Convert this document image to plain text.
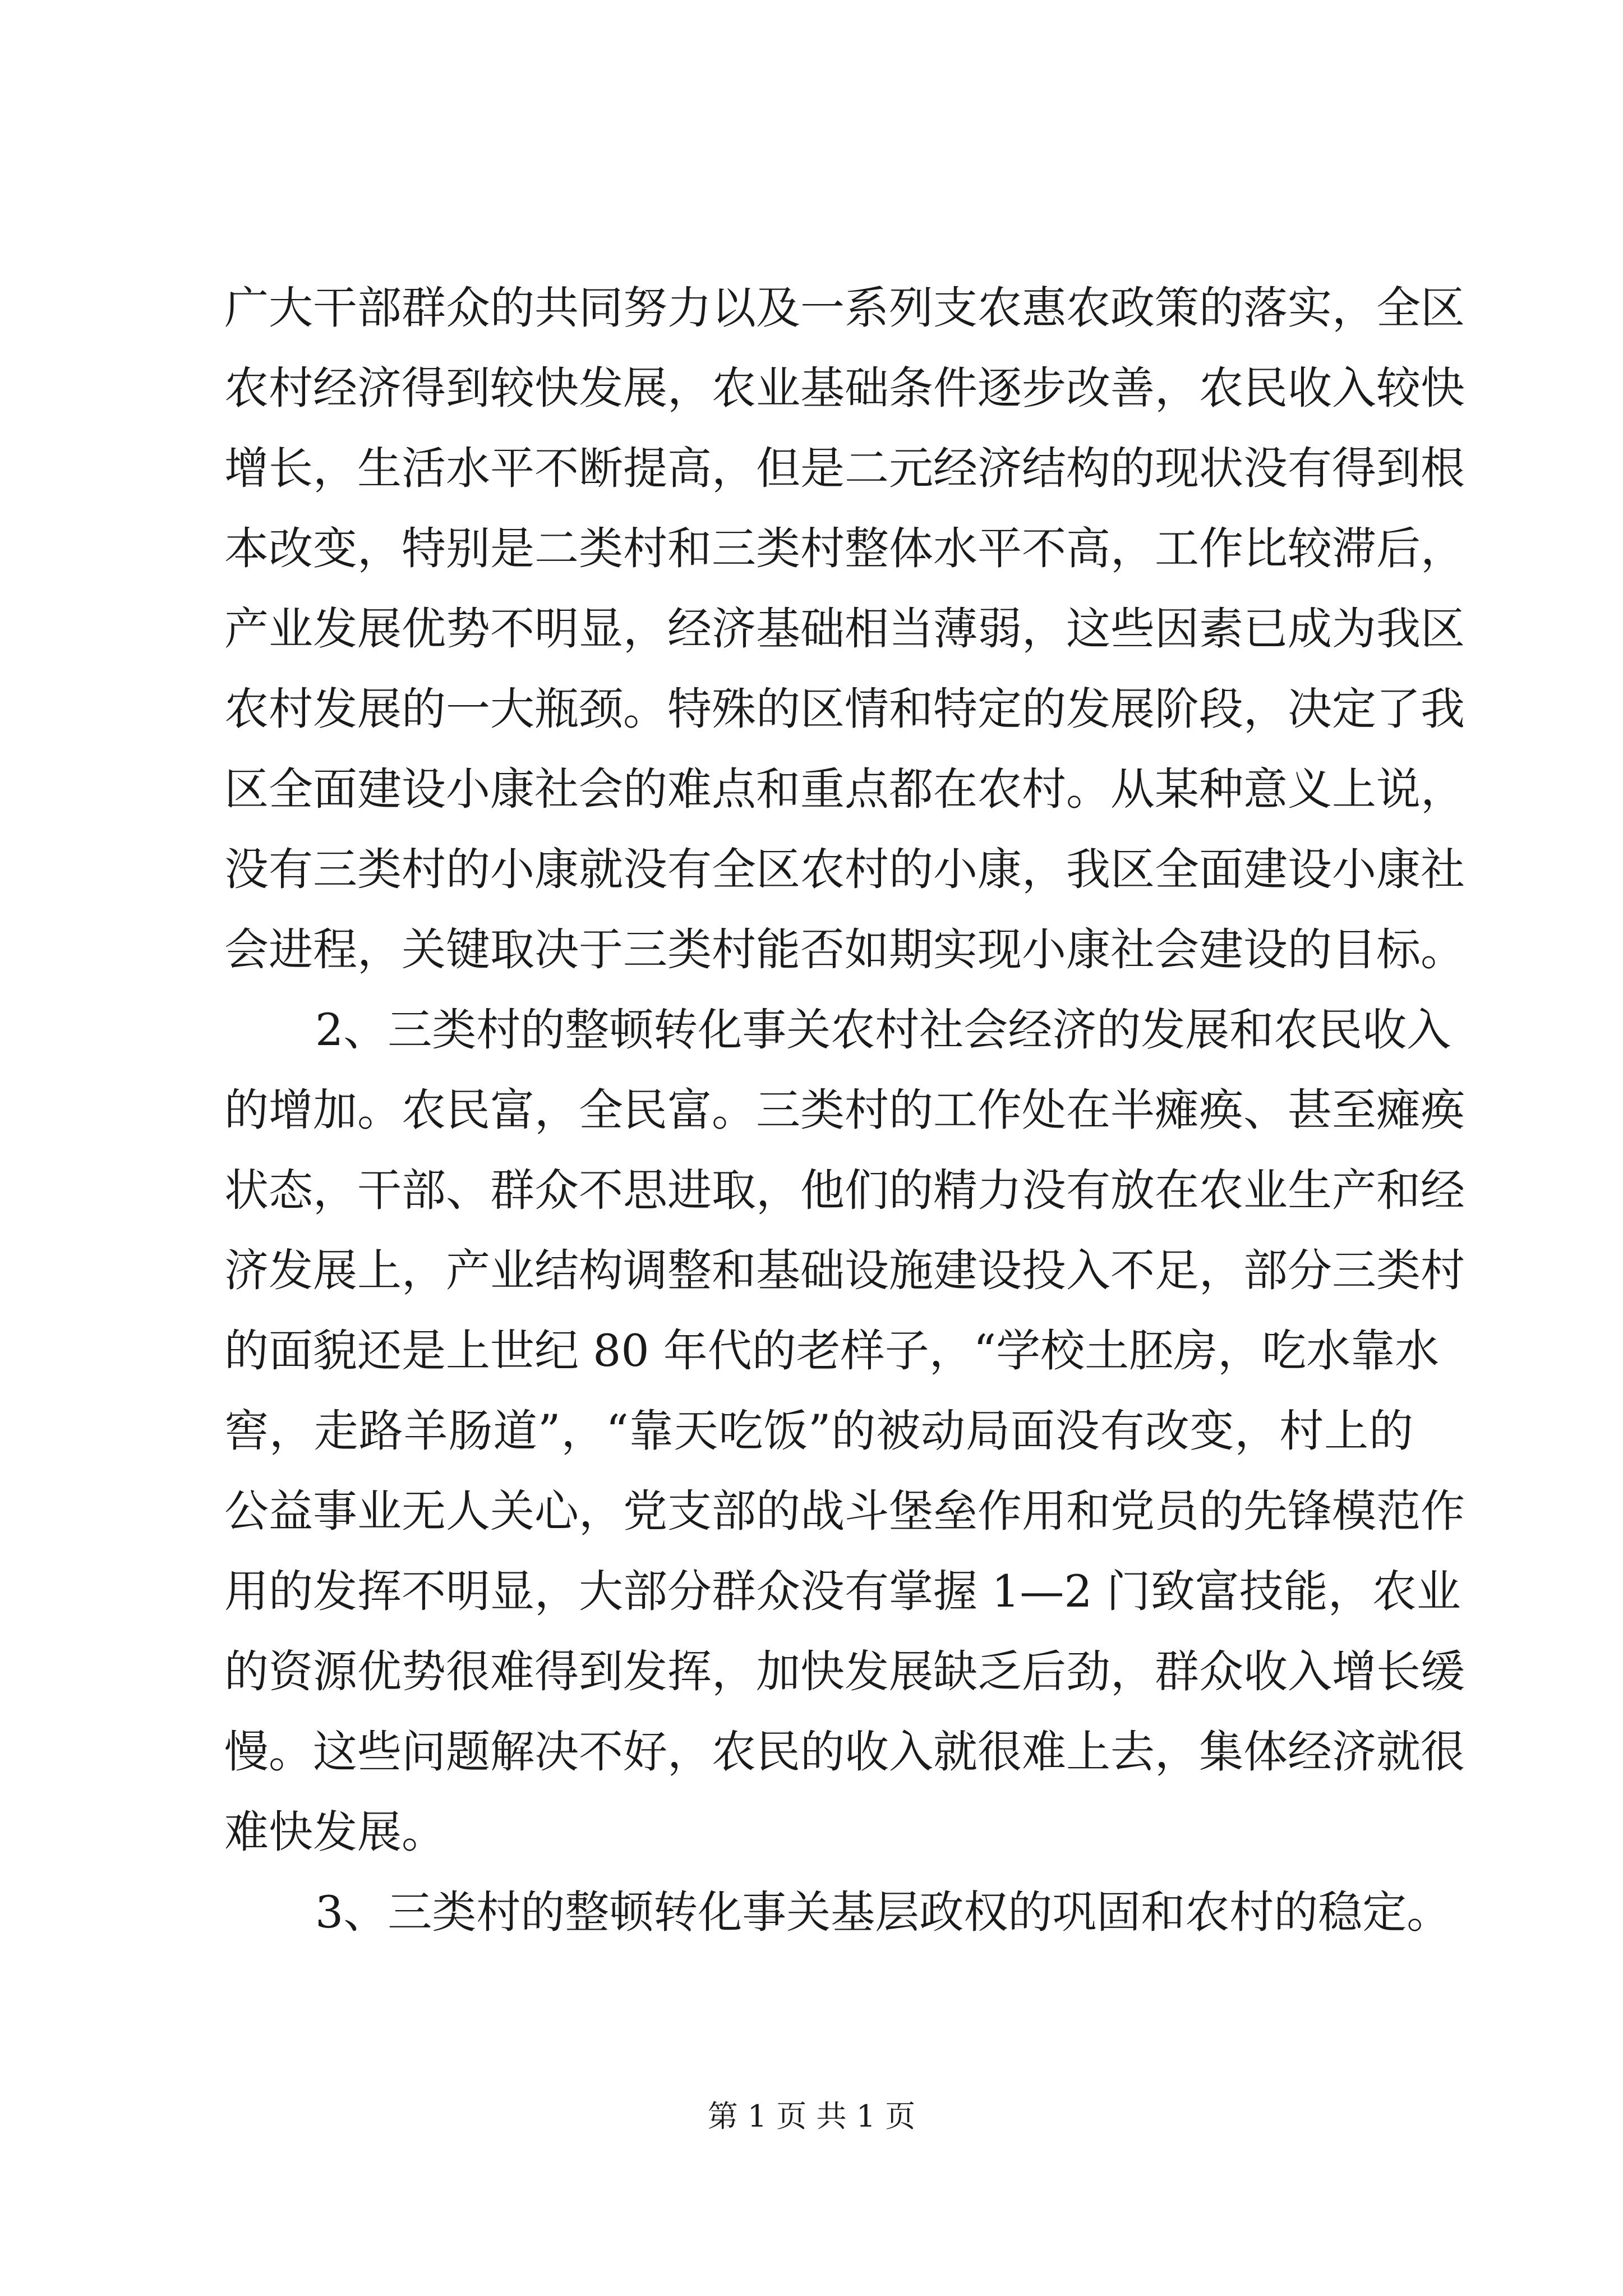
广大干部群众的共同努力以及一系列支农惠农政策的落实，全区
农村经济得到较快发展，农业基础条件逐步改善，农民收入较快
增长，生活水平不断提高，但是二元经济结构的现状没有得到根
本改变，特别是二类村和三类村整体水平不高，工作比较滞后，
产业发展优势不明显，经济基础相当薄弱，这些因素已成为我区
农村发展的一大瓶颈。特殊的区情和特定的发展阶段，决定了我
区全面建设小康社会的难点和重点都在农村。从某种意义上说，
没有三类村的小康就没有全区农村的小康，我区全面建设小康社
会进程，关键取决于三类村能否如期实现小康社会建设的目标。
2、三类村的整顿转化事关农村社会经济的发展和农民收入
的增加。农民富，全民富。三类村的工作处在半瘫痪、甚至瘫痪
状态，干部、群众不思进取，他们的精力没有放在农业生产和经
济发展上，产业结构调整和基础设施建设投入不足，部分三类村
的面貌还是上世纪 80 年代的老样子，“学校土胚房，吃水靠水
窖，走路羊肠道”，“靠天吃饭”的被动局面没有改变，村上的
公益事业无人关心，党支部的战斗堡垒作用和党员的先锋模范作
用的发挥不明显，大部分群众没有掌握 1—2 门致富技能，农业
的资源优势很难得到发挥，加快发展缺乏后劲，群众收入增长缓
慢。这些问题解决不好，农民的收入就很难上去，集体经济就很
难快发展。
3、三类村的整顿转化事关基层政权的巩固和农村的稳定。
第 1 页 共 1 页
